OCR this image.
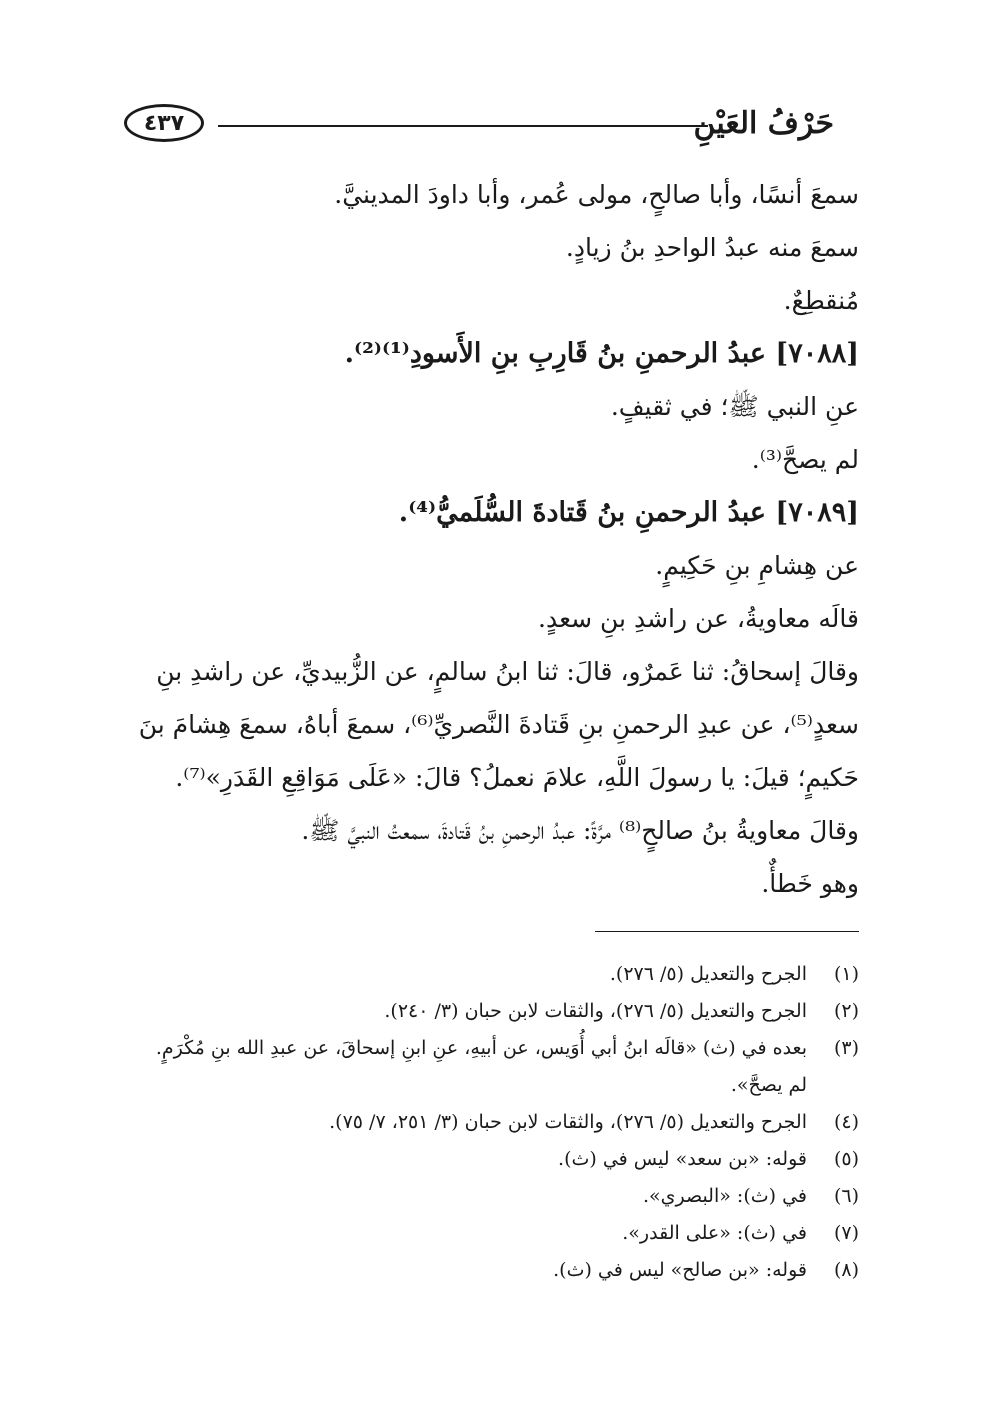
٤٣٧	حَرْفُ العَيْنِ
سمعَ أنسًا، وأبا صالحٍ، مولى عُمر، وأبا داودَ المدينيَّ.
سمعَ منه عبدُ الواحدِ بنُ زيادٍ.
مُنقطِعٌ.
[٧٠٨٨] عبدُ الرحمنِ بنُ قَارِبِ بنِ الأَسودِ⁽¹⁾⁽²⁾.
عنِ النبي ﷺ؛ في ثقيفٍ.
لم يصحَّ⁽³⁾.
[٧٠٨٩] عبدُ الرحمنِ بنُ قَتادةَ السُّلَميُّ⁽⁴⁾.
عن هِشامِ بنِ حَكِيمٍ.
قالَه معاويةُ، عن راشدِ بنِ سعدٍ.
وقالَ إسحاقُ: ثنا عَمرٌو، قالَ: ثنا ابنُ سالمٍ، عن الزُّبيديِّ، عن راشدِ بنِ
سعدٍ⁽⁵⁾، عن عبدِ الرحمنِ بنِ قَتادةَ النَّصريِّ⁽⁶⁾، سمعَ أباهُ، سمعَ هِشامَ بنَ
حَكيمٍ؛ قيلَ: يا رسولَ اللَّهِ، علامَ نعملُ؟ قالَ: «عَلَى مَوَاقِعِ القَدَرِ»⁽⁷⁾.
وقالَ معاويةُ بنُ صالحٍ⁽⁸⁾ مرَّةً: عبدُ الرحمنِ بنُ قَتادةَ، سمعتُ النبيَّ ﷺ.
وهو خَطأٌ.
(١)
الجرح والتعديل (٥/ ٢٧٦).
(٢)
الجرح والتعديل (٥/ ٢٧٦)، والثقات لابن حبان (٣/ ٢٤٠).
(٣)
بعده في (ث) «قالَه ابنُ أبي أُوَيس، عن أبيهِ، عنِ ابنِ إسحاقَ، عن عبدِ الله بنِ مُكْرَمٍ. لم يصحَّ».
(٤)
الجرح والتعديل (٥/ ٢٧٦)، والثقات لابن حبان (٣/ ٢٥١، ٧/ ٧٥).
(٥)
قوله: «بن سعد» ليس في (ث).
(٦)
في (ث): «البصري».
(٧)
في (ث): «على القدر».
(٨)
قوله: «بن صالح» ليس في (ث).
